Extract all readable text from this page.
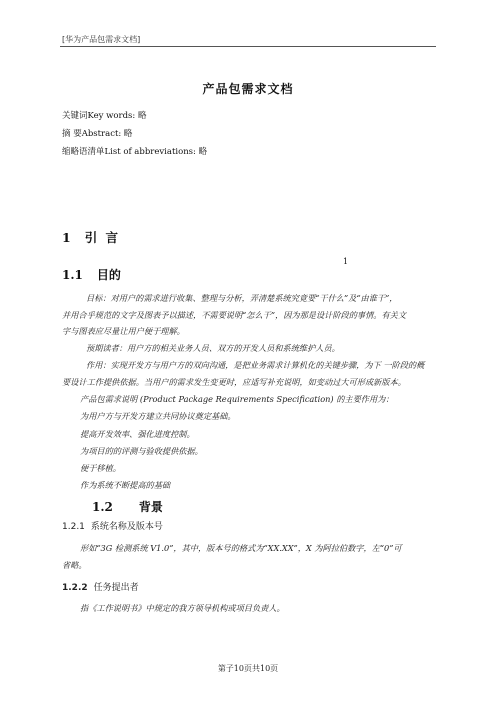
[华为产品包需求文档]
产品包需求文档
关键词Key words: 略
摘 要Abstract: 略
缩略语清单List of abbreviations: 略
1 引 言
1
1.1 目的
目标：对用户的需求进行收集、整理与分析，弄清楚系统究竟要“干什么”及“由谁干”，
并用合乎规范的文字及图表予以描述，不需要说明“怎么干”，因为那是设计阶段的事情。有关文
字与图表应尽量让用户便于理解。
预期读者：用户方的相关业务人员、双方的开发人员和系统维护人员。
作用：实现开发方与用户方的双向沟通，是把业务需求计算机化的关键步骤，为下 一阶段的概
要设计工作提供依据。当用户的需求发生变更时，应适写补充说明，如变动过大可形成新版本。
产品包需求说明 (Product Package Requirements Specification) 的主要作用为：
为用户方与开发方建立共同协议奠定基础。
提高开发效率、强化进度控制。
为项目的的评测与验收提供依据。
便于移植。
作为系统不断提高的基础
1.2 背景
1.2.1 系统名称及版本号
形如“3G 检测系统 V1.0”，其中，版本号的格式为“XX.XX”，X 为阿拉伯数字，左“0”可
省略。
1.2.2 任务提出者
指《工作说明书》中规定的我方领导机构或项目负责人。
第子10页共10页
